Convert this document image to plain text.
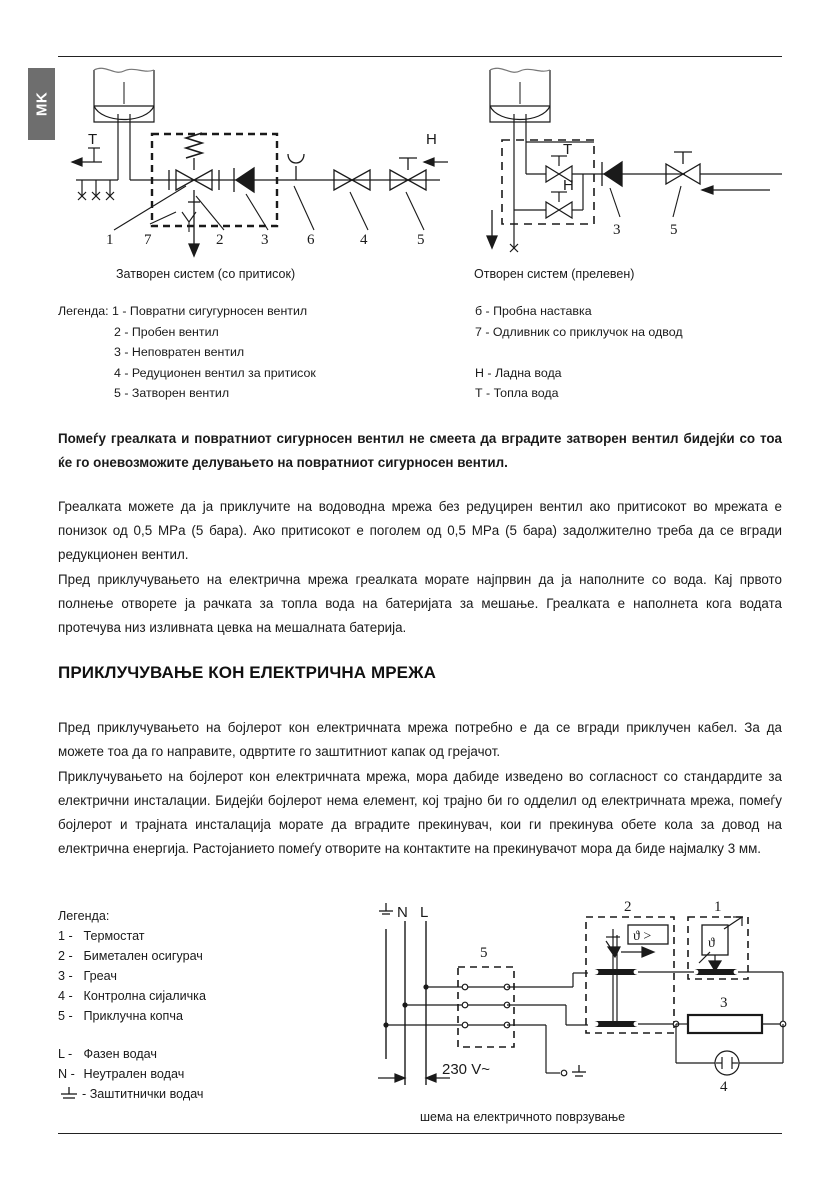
MK
T	H
1 7	2	3	6	4	5
Затворен систем (со притисок)
T
H
3	5
Отворен систем (прелевен)
Легенда: 1 - Повратни сигугурносен вентил
2 - Пробен вентил
3 - Неповратен вентил
4 - Редуционен вентил за притисок
5 - Затворен вентил
б - Пробна наставка
7 - Одливник со приклучок на одвод
Н - Ладна вода
Т - Топла вода
Помеѓу греалката и повратниот сигурносен вентил не смеета да вградите затворен вентил бидејќи со тоа ќе го оневозможите делувањето на повратниот сигурносен вентил.
Греалката можете да ја приклучите на водоводна мрежа без редуцирен вентил ако притисокот во мрежата е понизок од 0,5 MPa (5 бара). Ако притисокот е поголем од 0,5 MPa (5 бара) задолжително треба да се вгради редукционен вентил.
Пред приклучувањето на електрична мрежа греалката морате најпрвин да ја наполните со вода. Кај првото полнење отворете ја рачката за топла вода на батеријата за мешање. Греалката е наполнета кога водата протечува низ изливната цевка на мешалната батерија.
ПРИКЛУЧУВАЊЕ КОН ЕЛЕКТРИЧНА МРЕЖА
Пред приклучувањето на бојлерот кон електричната мрежа потребно е да се вгради приклучен кабел. За да можете тоа да го направите, одвртите го заштитниот капак од грејачот.
Приклучувањето на бојлерот кон електричната мрежа, мора дабиде изведено во согласност со стандардите за електрични инсталации. Бидејќи бојлерот нема елемент, кој трајно би го одделил од електричната мрежа, помеѓу бојлерот и трајната инсталација морате да вградите прекинувач, кои ги прекинува обете кола за довод на електрична енергија. Растојанието помеѓу отворите на контактите на прекинувачот мора да биде најмалку 3 мм.
Легенда:
1 - Термостат
2 - Биметален осигурач
3 - Греач
4 - Контролна сијаличка
5 - Приклучна копча
L - Фазен водач
N - Неутрален водач
- Заштитнички водач
N L
5
230 V~
2
ϑ >
1
ϑ
3
4
шема на електричното поврзување
